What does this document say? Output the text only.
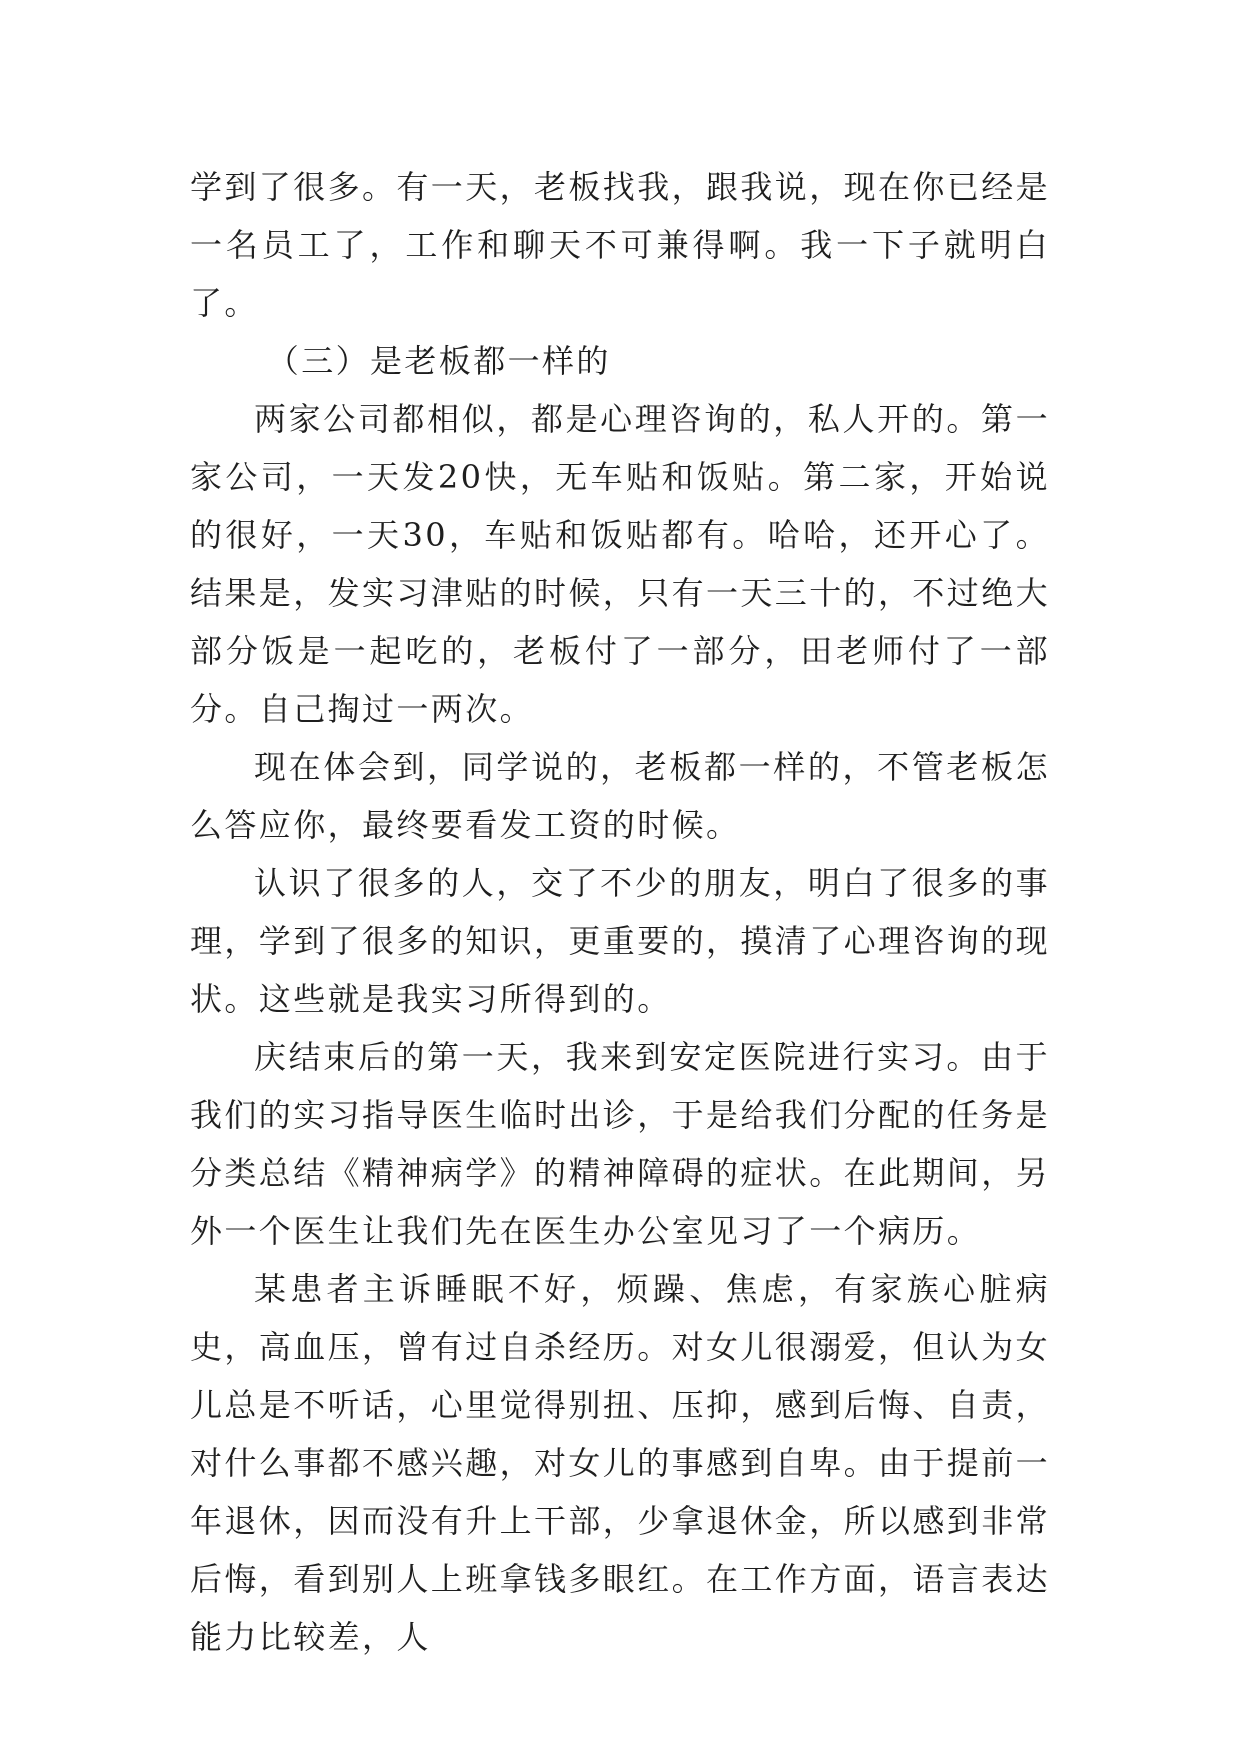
学到了很多。有一天，老板找我，跟我说，现在你已经是一名员工了，工作和聊天不可兼得啊。我一下子就明白了。

（三）是老板都一样的

两家公司都相似，都是心理咨询的，私人开的。第一家公司，一天发20快，无车贴和饭贴。第二家，开始说的很好，一天30，车贴和饭贴都有。哈哈，还开心了。结果是，发实习津贴的时候，只有一天三十的，不过绝大部分饭是一起吃的，老板付了一部分，田老师付了一部分。自己掏过一两次。

现在体会到，同学说的，老板都一样的，不管老板怎么答应你，最终要看发工资的时候。

认识了很多的人，交了不少的朋友，明白了很多的事理，学到了很多的知识，更重要的，摸清了心理咨询的现状。这些就是我实习所得到的。

庆结束后的第一天，我来到安定医院进行实习。由于我们的实习指导医生临时出诊，于是给我们分配的任务是分类总结《精神病学》的精神障碍的症状。在此期间，另外一个医生让我们先在医生办公室见习了一个病历。

某患者主诉睡眠不好，烦躁、焦虑，有家族心脏病史，高血压，曾有过自杀经历。对女儿很溺爱，但认为女儿总是不听话，心里觉得别扭、压抑，感到后悔、自责，对什么事都不感兴趣，对女儿的事感到自卑。由于提前一年退休，因而没有升上干部，少拿退休金，所以感到非常后悔，看到别人上班拿钱多眼红。在工作方面，语言表达能力比较差，人
